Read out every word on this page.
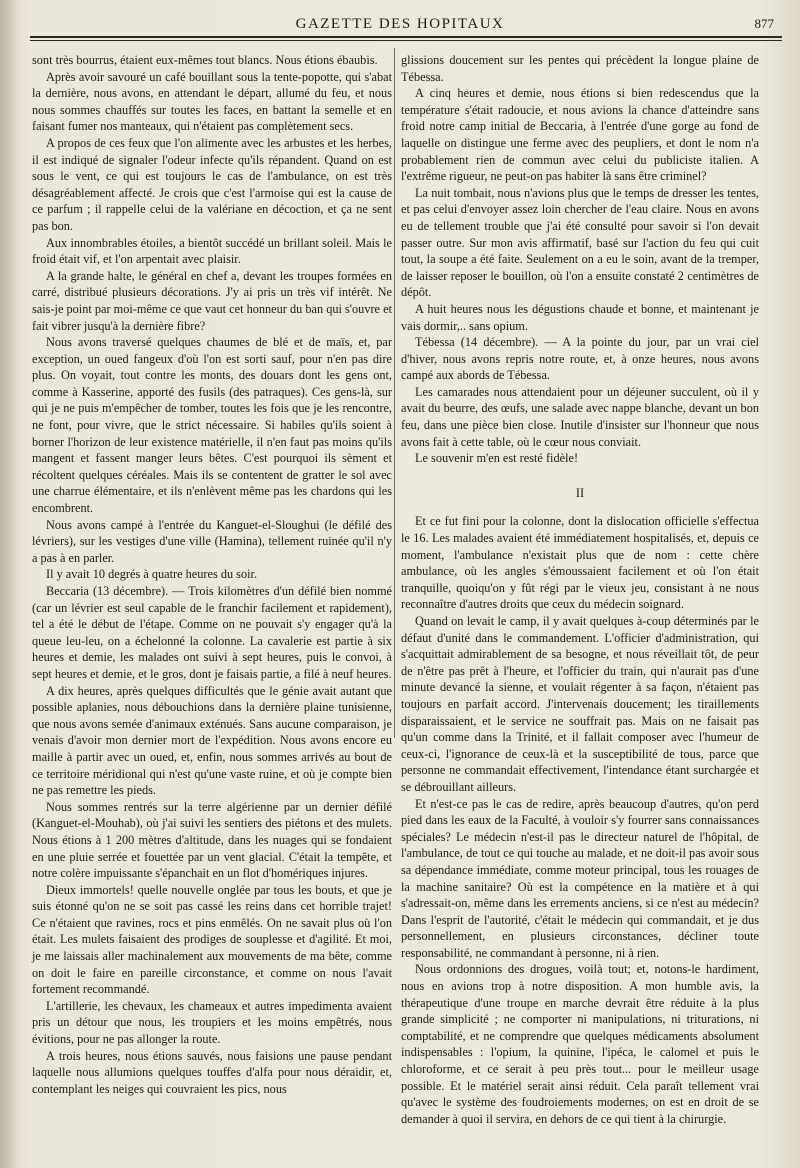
GAZETTE DES HOPITAUX	877

sont très bourrus, étaient eux-mêmes tout blancs. Nous étions ébaubis.

Après avoir savouré un café bouillant sous la tente-popotte, qui s'abat la dernière, nous avons, en attendant le départ, allumé du feu, et nous nous sommes chauffés sur toutes les faces, en battant la semelle et en faisant fumer nos manteaux, qui n'étaient pas complètement secs.

A propos de ces feux que l'on alimente avec les arbustes et les herbes, il est indiqué de signaler l'odeur infecte qu'ils répandent. Quand on est sous le vent, ce qui est toujours le cas de l'ambulance, on est très désagréablement affecté. Je crois que c'est l'armoise qui est la cause de ce parfum ; il rappelle celui de la valériane en décoction, et ça ne sent pas bon.

Aux innombrables étoiles, a bientôt succédé un brillant soleil. Mais le froid était vif, et l'on arpentait avec plaisir.

A la grande halte, le général en chef a, devant les troupes formées en carré, distribué plusieurs décorations. J'y ai pris un très vif intérêt. Ne sais-je point par moi-même ce que vaut cet honneur du ban qui s'ouvre et fait vibrer jusqu'à la dernière fibre?

Nous avons traversé quelques chaumes de blé et de maïs, et, par exception, un oued fangeux d'où l'on est sorti sauf, pour n'en pas dire plus. On voyait, tout contre les monts, des douars dont les gens ont, comme à Kasserine, apporté des fusils (des patraques). Ces gens-là, sur qui je ne puis m'empêcher de tomber, toutes les fois que je les rencontre, ne font, pour vivre, que le strict nécessaire. Si habiles qu'ils soient à borner l'horizon de leur existence matérielle, il n'en faut pas moins qu'ils mangent et fassent manger leurs bêtes. C'est pourquoi ils sèment et récoltent quelques céréales. Mais ils se contentent de gratter le sol avec une charrue élémentaire, et ils n'enlèvent même pas les chardons qui les encombrent.

Nous avons campé à l'entrée du Kanguet-el-Sloughui (le défilé des lévriers), sur les vestiges d'une ville (Hamina), tellement ruinée qu'il n'y a pas à en parler.

Il y avait 10 degrés à quatre heures du soir.

Beccaria (13 décembre). — Trois kilomètres d'un défilé bien nommé (car un lévrier est seul capable de le franchir facilement et rapidement), tel a été le début de l'étape. Comme on ne pouvait s'y engager qu'à la queue leu-leu, on a échelonné la colonne. La cavalerie est partie à six heures et demie, les malades ont suivi à sept heures, puis le convoi, à sept heures et demie, et le gros, dont je faisais partie, a filé à neuf heures.

A dix heures, après quelques difficultés que le génie avait autant que possible aplanies, nous débouchions dans la dernière plaine tunisienne, que nous avons semée d'animaux exténués. Sans aucune comparaison, je venais d'avoir mon dernier mort de l'expédition. Nous avons encore eu maille à partir avec un oued, et, enfin, nous sommes arrivés au bout de ce territoire méridional qui n'est qu'une vaste ruine, et où je compte bien ne pas remettre les pieds.

Nous sommes rentrés sur la terre algérienne par un dernier défilé (Kanguet-el-Mouhab), où j'ai suivi les sentiers des piétons et des mulets. Nous étions à 1 200 mètres d'altitude, dans les nuages qui se fondaient en une pluie serrée et fouettée par un vent glacial. C'était la tempête, et notre colère impuissante s'épanchait en un flot d'homériques injures.

Dieux immortels! quelle nouvelle onglée par tous les bouts, et que je suis étonné qu'on ne se soit pas cassé les reins dans cet horrible trajet! Ce n'étaient que ravines, rocs et pins enmêlés. On ne savait plus où l'on était. Les mulets faisaient des prodiges de souplesse et d'agilité. Et moi, je me laissais aller machinalement aux mouvements de ma bête, comme on doit le faire en pareille circonstance, et comme on nous l'avait fortement recommandé.

L'artillerie, les chevaux, les chameaux et autres impedimenta avaient pris un détour que nous, les troupiers et les moins empêtrés, nous évitions, pour ne pas allonger la route.

A trois heures, nous étions sauvés, nous faisions une pause pendant laquelle nous allumions quelques touffes d'alfa pour nous déraidir, et, contemplant les neiges qui couvraient les pics, nous

glissions doucement sur les pentes qui précèdent la longue plaine de Tébessa.

A cinq heures et demie, nous étions si bien redescendus que la température s'était radoucie, et nous avions la chance d'atteindre sans froid notre camp initial de Beccaria, à l'entrée d'une gorge au fond de laquelle on distingue une ferme avec des peupliers, et dont le nom n'a probablement rien de commun avec celui du publiciste italien. A l'extrême rigueur, ne peut-on pas habiter là sans être criminel?

La nuit tombait, nous n'avions plus que le temps de dresser les tentes, et pas celui d'envoyer assez loin chercher de l'eau claire. Nous en avons eu de tellement trouble que j'ai été consulté pour savoir si l'on devait passer outre. Sur mon avis affirmatif, basé sur l'action du feu qui cuit tout, la soupe a été faite. Seulement on a eu le soin, avant de la tremper, de laisser reposer le bouillon, où l'on a ensuite constaté 2 centimètres de dépôt.

A huit heures nous les dégustions chaude et bonne, et maintenant je vais dormir,.. sans opium.

Tébessa (14 décembre). — A la pointe du jour, par un vrai ciel d'hiver, nous avons repris notre route, et, à onze heures, nous avons campé aux abords de Tébessa.

Les camarades nous attendaient pour un déjeuner succulent, où il y avait du beurre, des œufs, une salade avec nappe blanche, devant un bon feu, dans une pièce bien close. Inutile d'insister sur l'honneur que nous avons fait à cette table, où le cœur nous conviait.

Le souvenir m'en est resté fidèle!

II

Et ce fut fini pour la colonne, dont la dislocation officielle s'effectua le 16. Les malades avaient été immédiatement hospitalisés, et, depuis ce moment, l'ambulance n'existait plus que de nom : cette chère ambulance, où les angles s'émoussaient facilement et où l'on était tranquille, quoiqu'on y fût régi par le vieux jeu, consistant à ne nous reconnaître d'autres droits que ceux du médecin soignard.

Quand on levait le camp, il y avait quelques à-coup déterminés par le défaut d'unité dans le commandement. L'officier d'administration, qui s'acquittait admirablement de sa besogne, et nous réveillait tôt, de peur de n'être pas prêt à l'heure, et l'officier du train, qui n'aurait pas d'une minute devancé la sienne, et voulait régenter à sa façon, n'étaient pas toujours en parfait accord. J'intervenais doucement; les tiraillements disparaissaient, et le service ne souffrait pas. Mais on ne faisait pas qu'un comme dans la Trinité, et il fallait composer avec l'humeur de ceux-ci, l'ignorance de ceux-là et la susceptibilité de tous, parce que personne ne commandait effectivement, l'intendance étant surchargée et se débrouillant ailleurs.

Et n'est-ce pas le cas de redire, après beaucoup d'autres, qu'on perd pied dans les eaux de la Faculté, à vouloir s'y fourrer sans connaissances spéciales? Le médecin n'est-il pas le directeur naturel de l'hôpital, de l'ambulance, de tout ce qui touche au malade, et ne doit-il pas avoir sous sa dépendance immédiate, comme moteur principal, tous les rouages de la machine sanitaire? Où est la compétence en la matière et à qui s'adressait-on, même dans les errements anciens, si ce n'est au médecin? Dans l'esprit de l'autorité, c'était le médecin qui commandait, et je dus personnellement, en plusieurs circonstances, décliner toute responsabilité, ne commandant à personne, ni à rien.

Nous ordonnions des drogues, voilà tout; et, notons-le hardiment, nous en avions trop à notre disposition. A mon humble avis, la thérapeutique d'une troupe en marche devrait être réduite à la plus grande simplicité ; ne comporter ni manipulations, ni triturations, ni comptabilité, et ne comprendre que quelques médicaments absolument indispensables : l'opium, la quinine, l'ipéca, le calomel et puis le chloroforme, et ce serait à peu près tout... pour le meilleur usage possible. Et le matériel serait ainsi réduit. Cela paraît tellement vrai qu'avec le système des foudroiements modernes, on est en droit de se demander à quoi il servira, en dehors de ce qui tient à la chirurgie.
